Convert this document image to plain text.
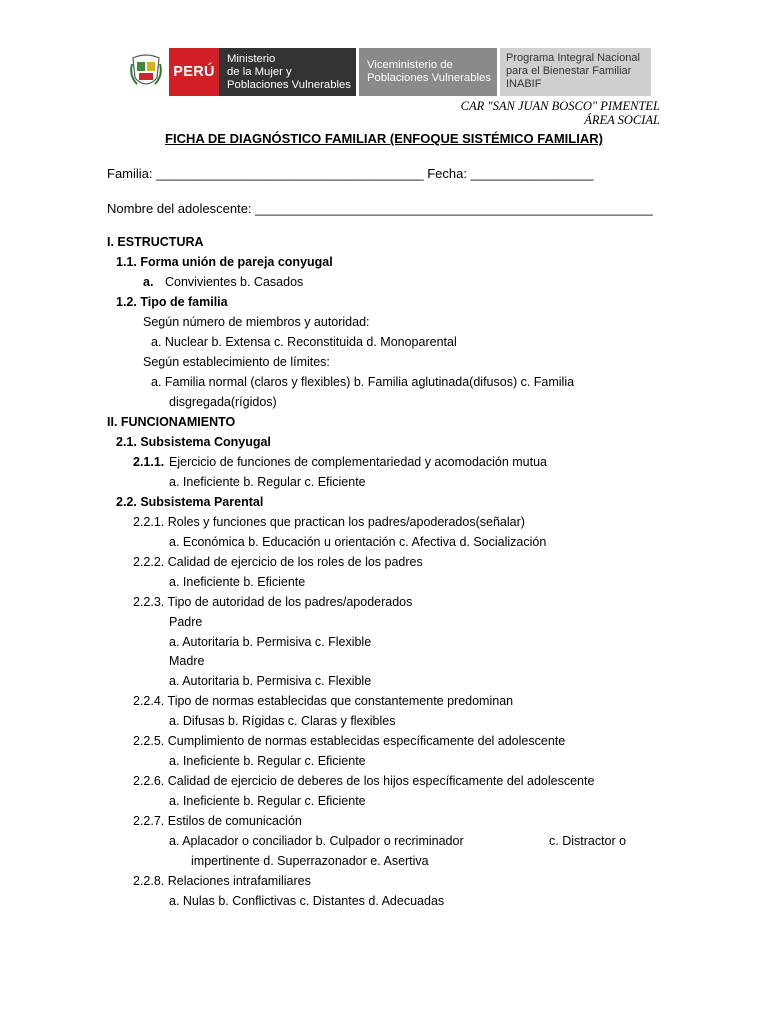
PERÚ
Ministerio
de la Mujer y
Poblaciones Vulnerables
Viceministerio de
Poblaciones Vulnerables
Programa Integral Nacional
para el Bienestar Familiar
INABIF
CAR "SAN JUAN BOSCO" PIMENTEL
ÁREA SOCIAL
FICHA DE DIAGNÓSTICO FAMILIAR (ENFOQUE SISTÉMICO FAMILIAR)
Familia: _____________________________________ Fecha: _________________
Nombre del adolescente: _______________________________________________________
I. ESTRUCTURA
1.1. Forma unión de pareja conyugal
a. Convivientes b. Casados
1.2. Tipo de familia
Según número de miembros y autoridad:
a. Nuclear b. Extensa c. Reconstituida d. Monoparental
Según establecimiento de límites:
a. Familia normal (claros y flexibles) b. Familia aglutinada(difusos) c. Familia
disgregada(rígidos)
II. FUNCIONAMIENTO
2.1. Subsistema Conyugal
2.1.1. Ejercicio de funciones de complementariedad y acomodación mutua
a. Ineficiente b. Regular c. Eficiente
2.2. Subsistema Parental
2.2.1. Roles y funciones que practican los padres/apoderados(señalar)
a. Económica b. Educación u orientación c. Afectiva d. Socialización
2.2.2. Calidad de ejercicio de los roles de los padres
a. Ineficiente b. Eficiente
2.2.3. Tipo de autoridad de los padres/apoderados
Padre
a. Autoritaria b. Permisiva c. Flexible
Madre
a. Autoritaria b. Permisiva c. Flexible
2.2.4. Tipo de normas establecidas que constantemente predominan
a. Difusas b. Rígidas c. Claras y flexibles
2.2.5. Cumplimiento de normas establecidas específicamente del adolescente
a. Ineficiente b. Regular c. Eficiente
2.2.6. Calidad de ejercicio de deberes de los hijos específicamente del adolescente
a. Ineficiente b. Regular c. Eficiente
2.2.7. Estilos de comunicación
a. Aplacador o conciliador b. Culpador o recriminador	c. Distractor o
impertinente d. Superrazonador e. Asertiva
2.2.8. Relaciones intrafamiliares
a. Nulas b. Conflictivas c. Distantes d. Adecuadas
